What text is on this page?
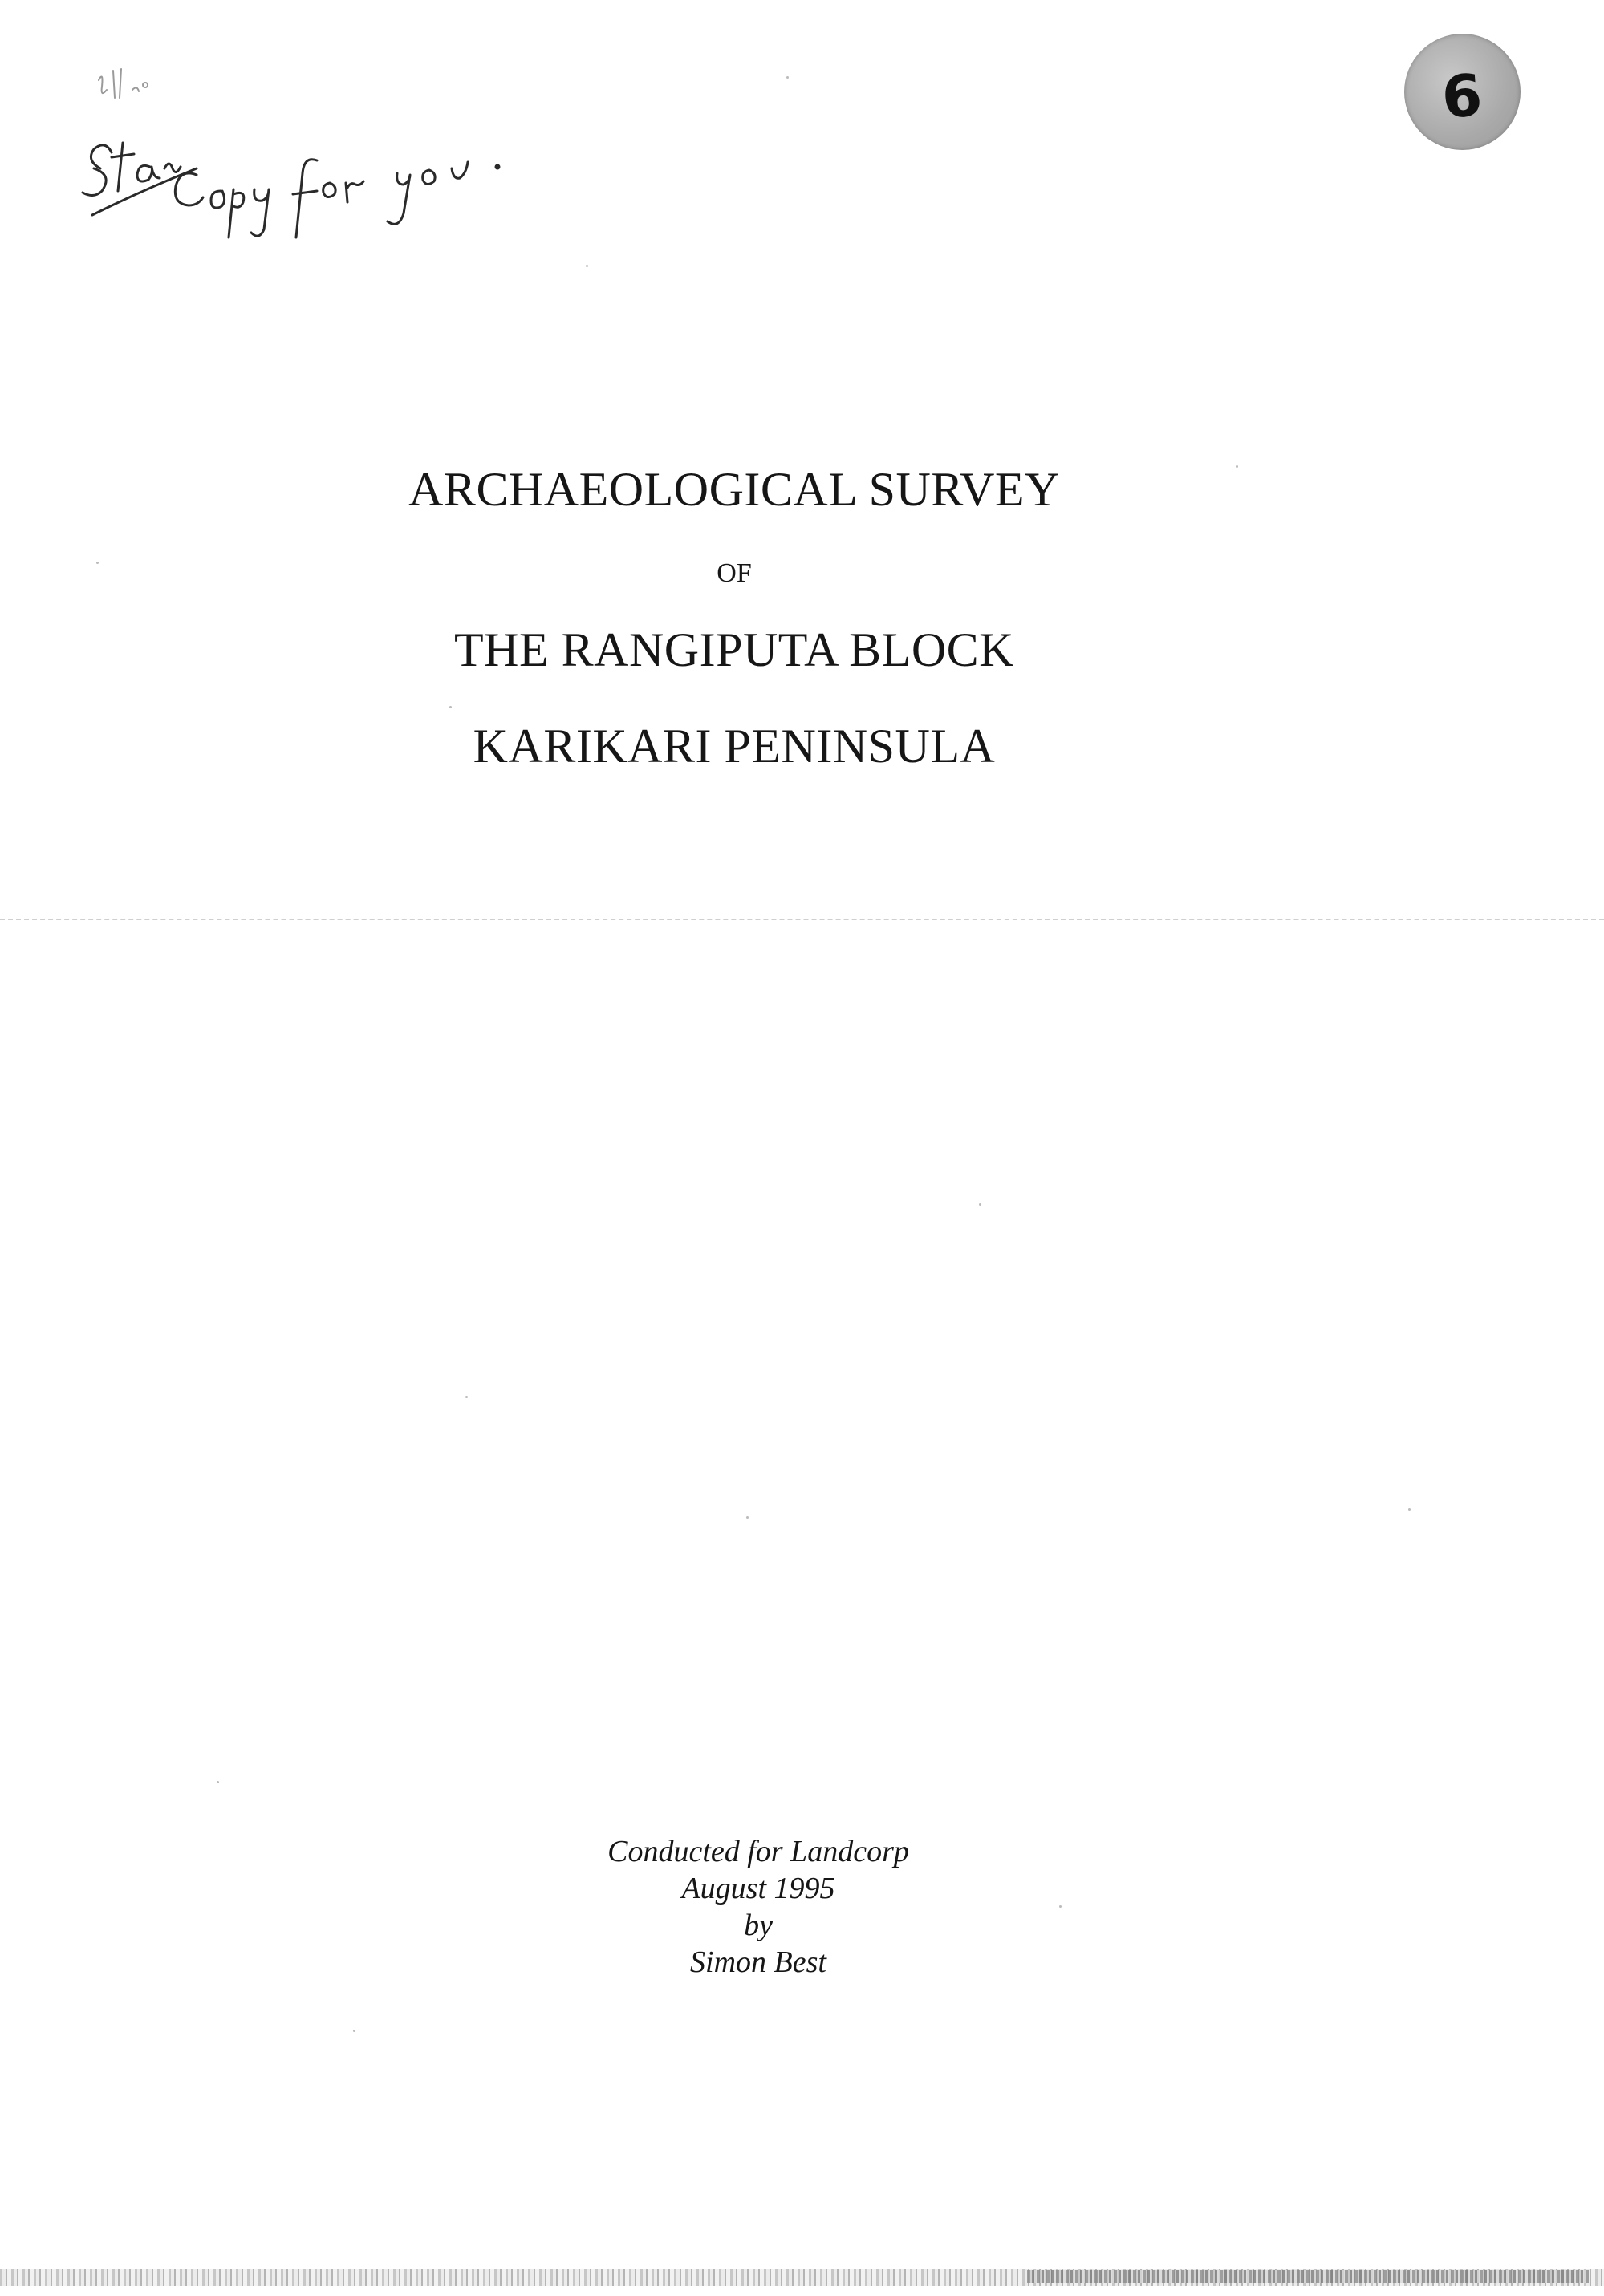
6
ARCHAEOLOGICAL SURVEY
OF
THE RANGIPUTA BLOCK
KARIKARI PENINSULA
Conducted for Landcorp
August 1995
by
Simon Best
